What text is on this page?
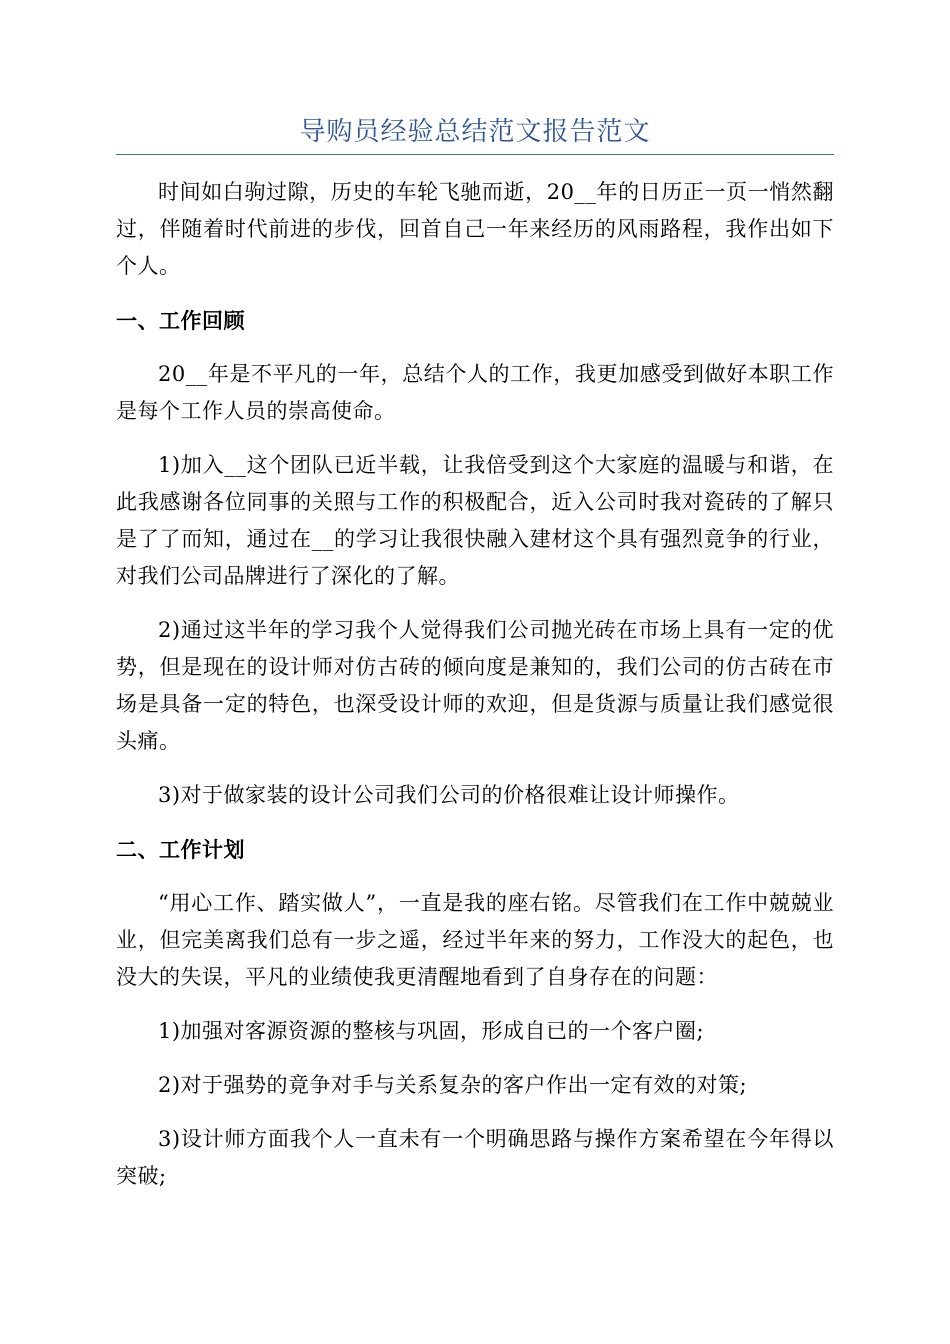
导购员经验总结范文报告范文

时间如白驹过隙，历史的车轮飞驰而逝，20__年的日历正一页一悄然翻过，伴随着时代前进的步伐，回首自己一年来经历的风雨路程，我作出如下个人。

一、工作回顾

20__年是不平凡的一年，总结个人的工作，我更加感受到做好本职工作是每个工作人员的崇高使命。

1)加入__这个团队已近半载，让我倍受到这个大家庭的温暖与和谐，在此我感谢各位同事的关照与工作的积极配合，近入公司时我对瓷砖的了解只是了了而知，通过在__的学习让我很快融入建材这个具有强烈竟争的行业，对我们公司品牌进行了深化的了解。

2)通过这半年的学习我个人觉得我们公司抛光砖在市场上具有一定的优势，但是现在的设计师对仿古砖的倾向度是兼知的，我们公司的仿古砖在市场是具备一定的特色，也深受设计师的欢迎，但是货源与质量让我们感觉很头痛。

3)对于做家装的设计公司我们公司的价格很难让设计师操作。

二、工作计划

“用心工作、踏实做人”，一直是我的座右铭。尽管我们在工作中兢兢业业，但完美离我们总有一步之遥，经过半年来的努力，工作没大的起色，也没大的失误，平凡的业绩使我更清醒地看到了自身存在的问题：

1)加强对客源资源的整核与巩固，形成自已的一个客户圈;

2)对于强势的竟争对手与关系复杂的客户作出一定有效的对策;

3)设计师方面我个人一直未有一个明确思路与操作方案希望在今年得以突破;
